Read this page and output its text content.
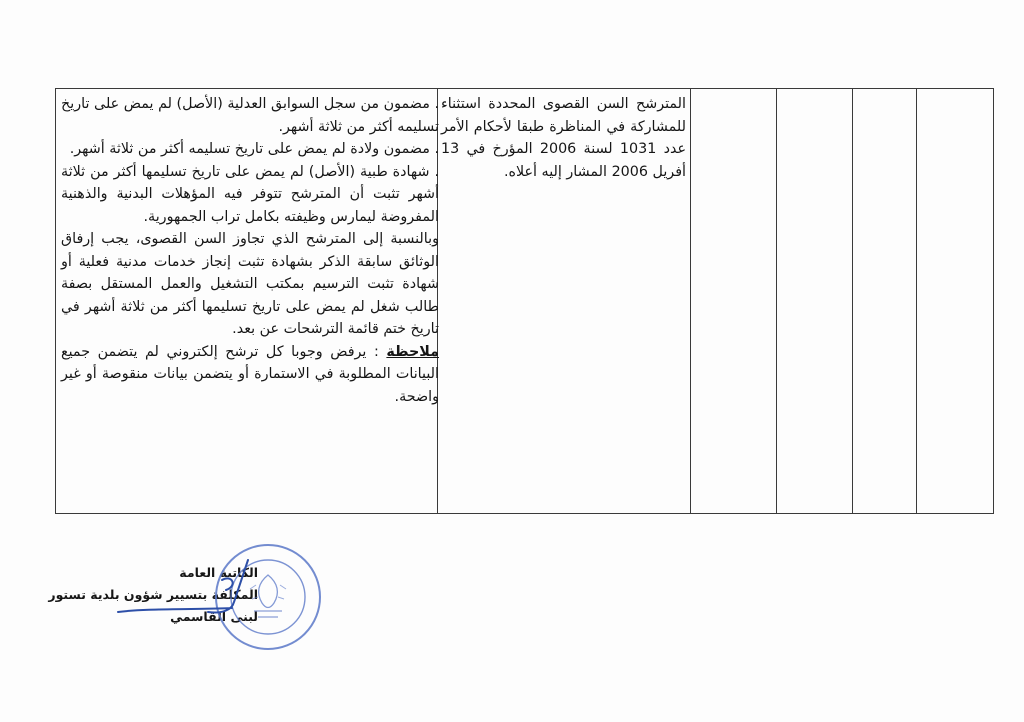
. مضمون من سجل السوابق العدلية (الأصل) لم يمض على تاريخ تسليمه أكثر من ثلاثة أشهر.

. مضمون ولادة لم يمض على تاريخ تسليمه أكثر من ثلاثة أشهر.

. شهادة طبية (الأصل) لم يمض على تاريخ تسليمها أكثر من ثلاثة أشهر تثبت أن المترشح تتوفر فيه المؤهلات البدنية والذهنية المفروضة ليمارس وظيفته بكامل تراب الجمهورية.

وبالنسبة إلى المترشح الذي تجاوز السن القصوى، يجب إرفاق الوثائق سابقة الذكر بشهادة تثبت إنجاز خدمات مدنية فعلية أو شهادة تثبت الترسيم بمكتب التشغيل والعمل المستقل بصفة طالب شغل لم يمض على تاريخ تسليمها أكثر من ثلاثة أشهر في تاريخ ختم قائمة الترشحات عن بعد.

ملاحظة : يرفض وجوبا كل ترشح إلكتروني لم يتضمن جميع البيانات المطلوبة في الاستمارة أو يتضمن بيانات منقوصة أو غير واضحة.

المترشح السن القصوى المحددة استثناء للمشاركة في المناظرة طبقا لأحكام الأمر عدد 1031 لسنة 2006 المؤرخ في 13 أفريل 2006 المشار إليه أعلاه.
الكاتبة العامة
المكلفة بتسيير شؤون بلدية تستور
لبنى القاسمي
